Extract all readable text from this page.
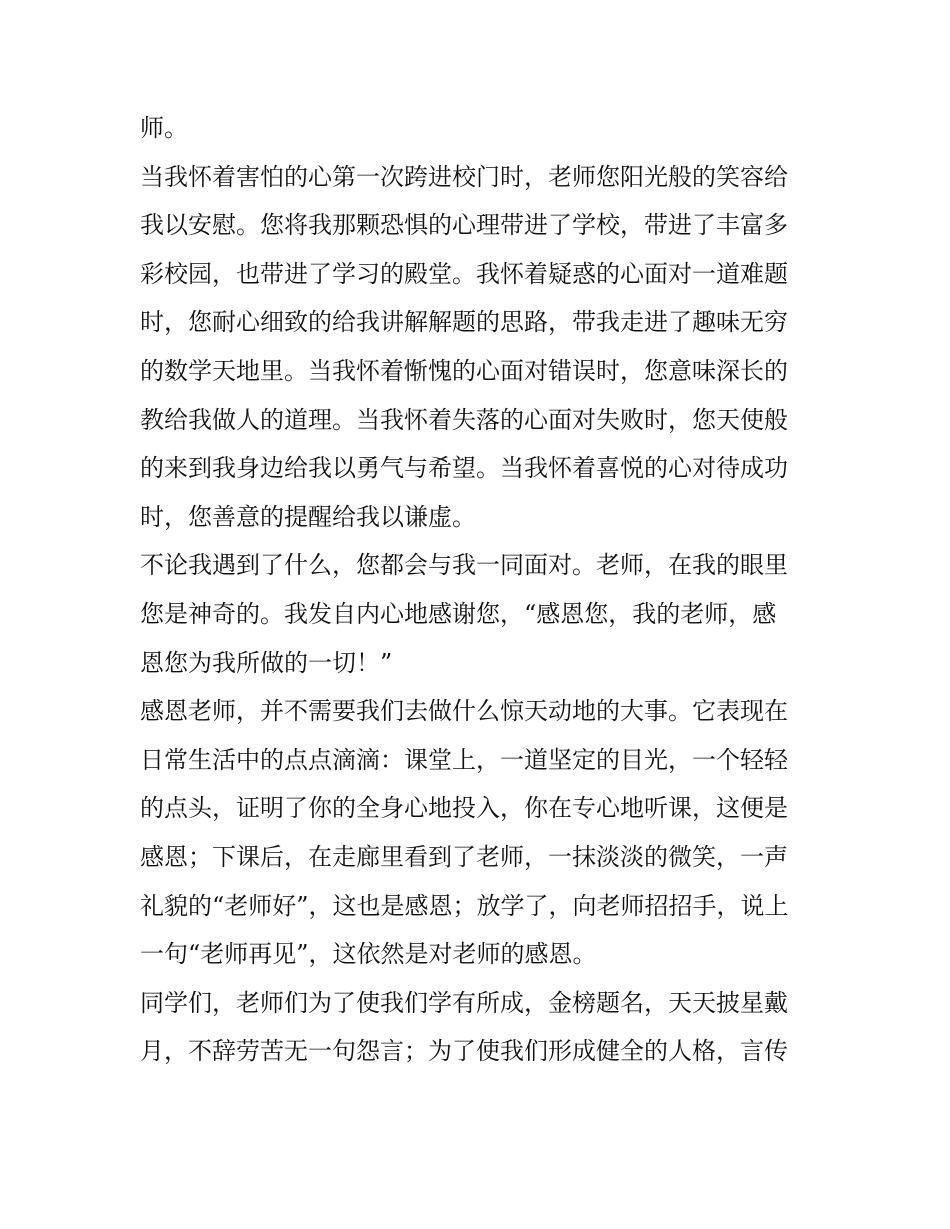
师。
当我怀着害怕的心第一次跨进校门时，老师您阳光般的笑容给
我以安慰。您将我那颗恐惧的心理带进了学校，带进了丰富多
彩校园，也带进了学习的殿堂。我怀着疑惑的心面对一道难题
时，您耐心细致的给我讲解解题的思路，带我走进了趣味无穷
的数学天地里。当我怀着惭愧的心面对错误时，您意味深长的
教给我做人的道理。当我怀着失落的心面对失败时，您天使般
的来到我身边给我以勇气与希望。当我怀着喜悦的心对待成功
时，您善意的提醒给我以谦虚。
不论我遇到了什么，您都会与我一同面对。老师，在我的眼里
您是神奇的。我发自内心地感谢您，“感恩您，我的老师，感
恩您为我所做的一切！”
感恩老师，并不需要我们去做什么惊天动地的大事。它表现在
日常生活中的点点滴滴：课堂上，一道坚定的目光，一个轻轻
的点头，证明了你的全身心地投入，你在专心地听课，这便是
感恩；下课后，在走廊里看到了老师，一抹淡淡的微笑，一声
礼貌的“老师好”，这也是感恩；放学了，向老师招招手，说上
一句“老师再见”，这依然是对老师的感恩。
同学们，老师们为了使我们学有所成，金榜题名，天天披星戴
月，不辞劳苦无一句怨言；为了使我们形成健全的人格，言传
